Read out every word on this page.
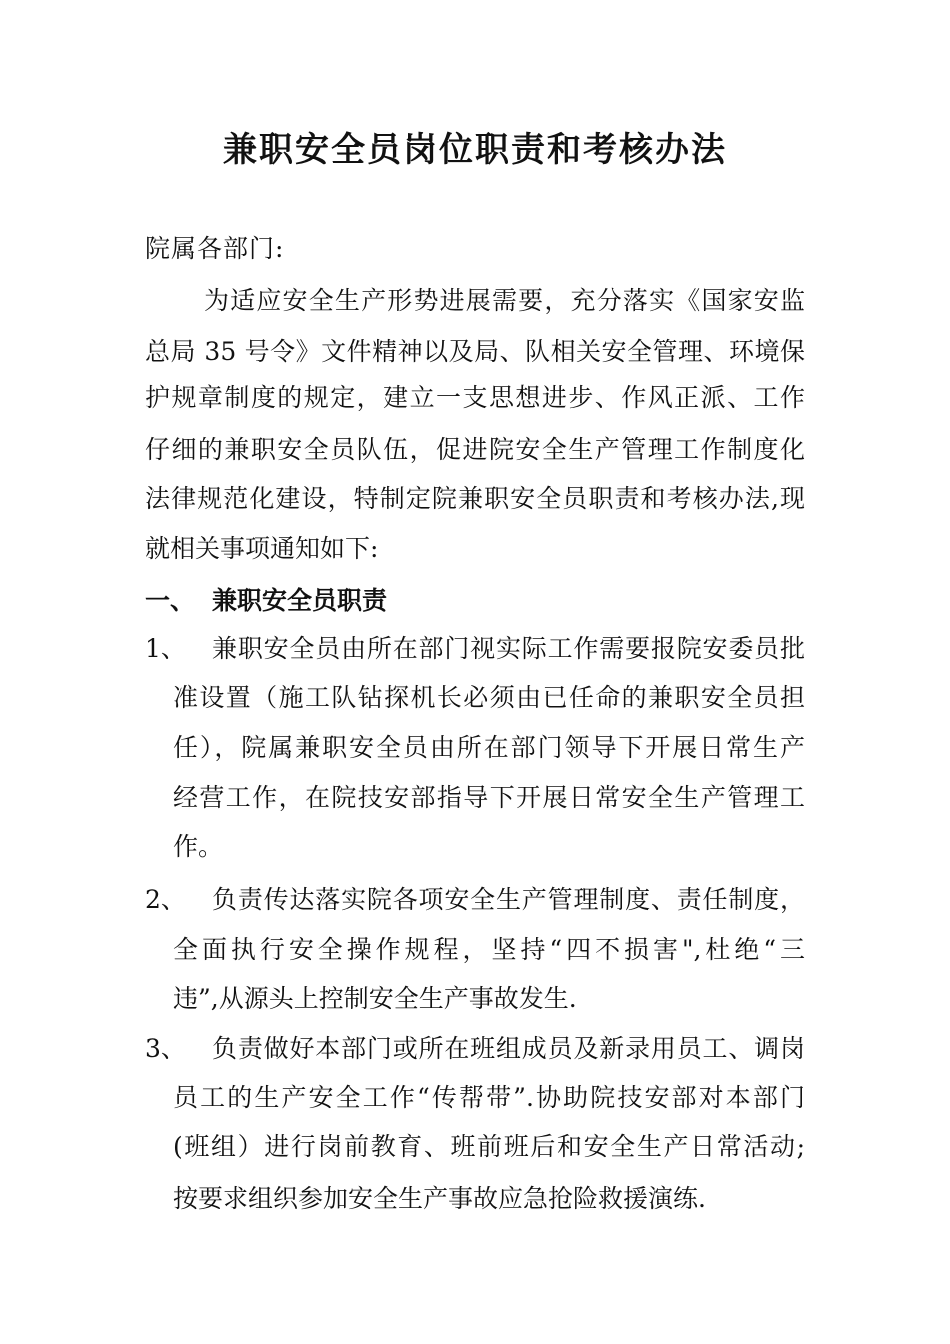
兼职安全员岗位职责和考核办法
院属各部门:
为适应安全生产形势进展需要，充分落实《国家安监
总局 35 号令》文件精神以及局、队相关安全管理、环境保
护规章制度的规定，建立一支思想进步、作风正派、工作
仔细的兼职安全员队伍，促进院安全生产管理工作制度化
法律规范化建设，特制定院兼职安全员职责和考核办法,现
就相关事项通知如下:
一、 兼职安全员职责
1、 兼职安全员由所在部门视实际工作需要报院安委员批
准设置（施工队钻探机长必须由已任命的兼职安全员担
任），院属兼职安全员由所在部门领导下开展日常生产
经营工作，在院技安部指导下开展日常安全生产管理工
作。
2、 负责传达落实院各项安全生产管理制度、责任制度，
全面执行安全操作规程，坚持“四不损害",杜绝“三
违”,从源头上控制安全生产事故发生.
3、 负责做好本部门或所在班组成员及新录用员工、调岗
员工的生产安全工作“传帮带”.协助院技安部对本部门
(班组）进行岗前教育、班前班后和安全生产日常活动;
按要求组织参加安全生产事故应急抢险救援演练.
